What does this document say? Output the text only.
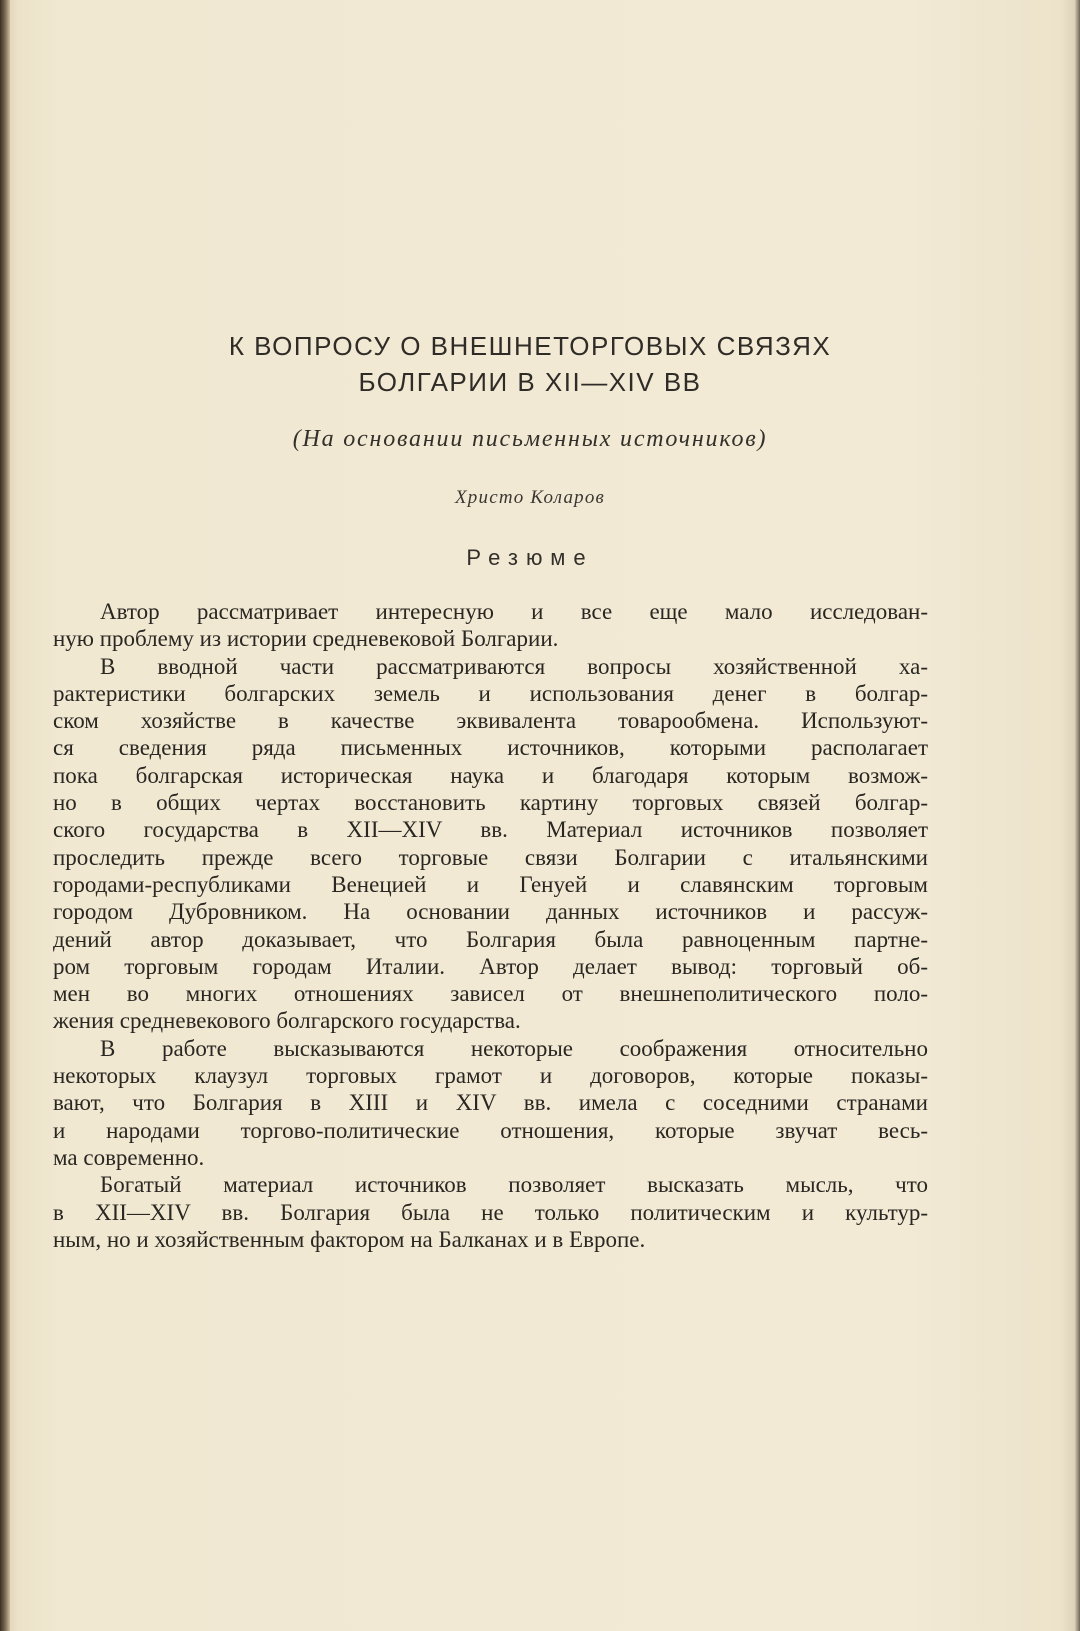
К ВОПРОСУ О ВНЕШНЕТОРГОВЫХ СВЯЗЯХ
БОЛГАРИИ В XII—XIV ВВ
(На основании письменных источников)
Христо Коларов
Резюме

Автор рассматривает интересную и все еще мало исследован-
ную проблему из истории средневековой Болгарии.

В вводной части рассматриваются вопросы хозяйственной ха-
рактеристики болгарских земель и использования денег в болгар-
ском хозяйстве в качестве эквивалента товарообмена. Используют-
ся сведения ряда письменных источников, которыми располагает
пока болгарская историческая наука и благодаря которым возмож-
но в общих чертах восстановить картину торговых связей болгар-
ского государства в XII—XIV вв. Материал источников позволяет
проследить прежде всего торговые связи Болгарии с итальянскими
городами-республиками Венецией и Генуей и славянским торговым
городом Дубровником. На основании данных источников и рассуж-
дений автор доказывает, что Болгария была равноценным партне-
ром торговым городам Италии. Автор делает вывод: торговый об-
мен во многих отношениях зависел от внешнеполитического поло-
жения средневекового болгарского государства.

В работе высказываются некоторые соображения относительно
некоторых клаузул торговых грамот и договоров, которые показы-
вают, что Болгария в XIII и XIV вв. имела с соседними странами
и народами торгово-политические отношения, которые звучат весь-
ма современно.

Богатый материал источников позволяет высказать мысль, что
в XII—XIV вв. Болгария была не только политическим и культур-
ным, но и хозяйственным фактором на Балканах и в Европе.
